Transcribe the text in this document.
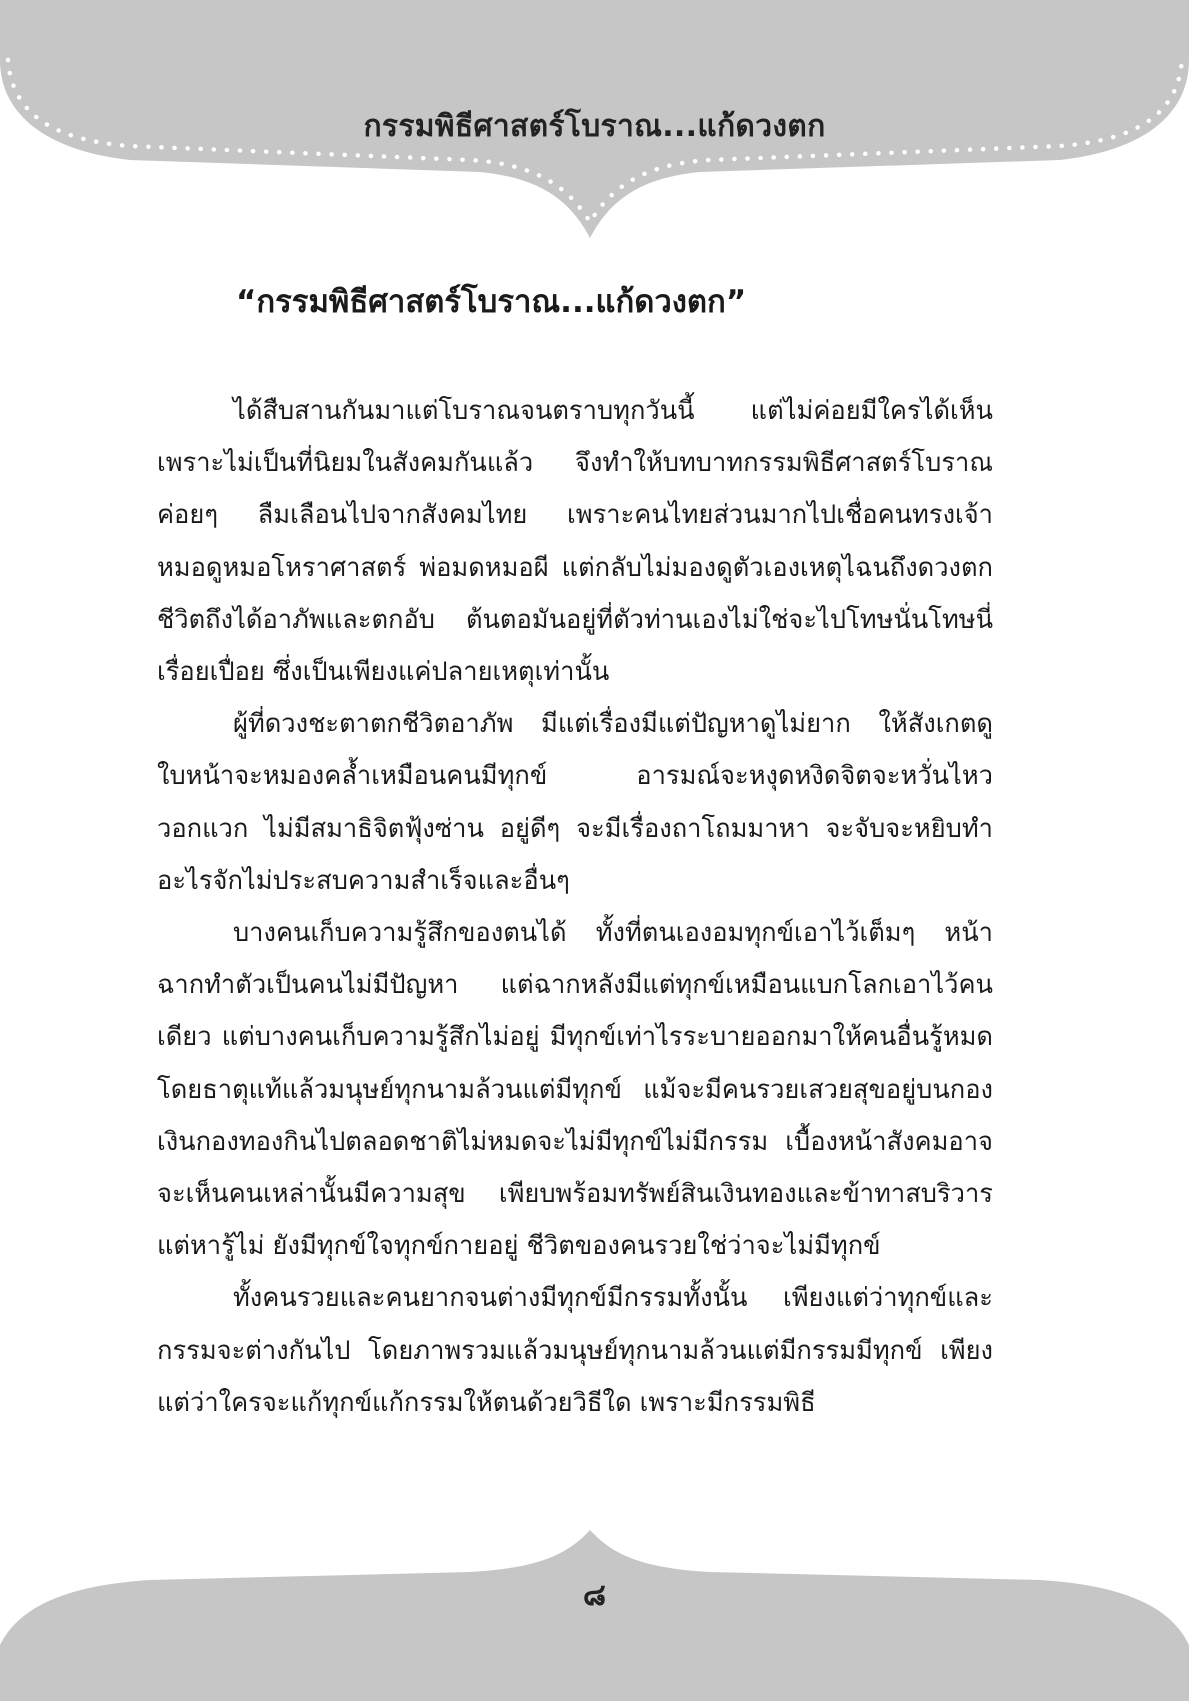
กรรมพิธีศาสตร์โบราณ...แก้ดวงตก
“กรรมพิธีศาสตร์โบราณ...แก้ดวงตก”

ได้สืบสานกันมาแต่โบราณจนตราบทุกวันนี้ แต่ไม่ค่อยมีใครได้เห็น เพราะไม่เป็นที่นิยมในสังคมกันแล้ว จึงทำให้บทบาทกรรมพิธีศาสตร์โบราณค่อยๆ ลืมเลือนไปจากสังคมไทย เพราะคนไทยส่วนมากไปเชื่อคนทรงเจ้า หมอดูหมอโหราศาสตร์ พ่อมดหมอผี แต่กลับไม่มองดูตัวเองเหตุไฉนถึงดวงตก ชีวิตถึงได้อาภัพและตกอับ ต้นตอมันอยู่ที่ตัวท่านเองไม่ใช่จะไปโทษนั่นโทษนี่เรื่อยเปื่อย ซึ่งเป็นเพียงแค่ปลายเหตุเท่านั้น

ผู้ที่ดวงชะตาตกชีวิตอาภัพ มีแต่เรื่องมีแต่ปัญหาดูไม่ยาก ให้สังเกตดูใบหน้าจะหมองคล้ำเหมือนคนมีทุกข์ อารมณ์จะหงุดหงิดจิตจะหวั่นไหววอกแวก ไม่มีสมาธิจิตฟุ้งซ่าน อยู่ดีๆ จะมีเรื่องถาโถมมาหา จะจับจะหยิบทำอะไรจักไม่ประสบความสำเร็จและอื่นๆ

บางคนเก็บความรู้สึกของตนได้ ทั้งที่ตนเองอมทุกข์เอาไว้เต็มๆ หน้าฉากทำตัวเป็นคนไม่มีปัญหา แต่ฉากหลังมีแต่ทุกข์เหมือนแบกโลกเอาไว้คนเดียว แต่บางคนเก็บความรู้สึกไม่อยู่ มีทุกข์เท่าไรระบายออกมาให้คนอื่นรู้หมด โดยธาตุแท้แล้วมนุษย์ทุกนามล้วนแต่มีทุกข์ แม้จะมีคนรวยเสวยสุขอยู่บนกองเงินกองทองกินไปตลอดชาติไม่หมดจะไม่มีทุกข์ไม่มีกรรม เบื้องหน้าสังคมอาจจะเห็นคนเหล่านั้นมีความสุข เพียบพร้อมทรัพย์สินเงินทองและข้าทาสบริวาร แต่หารู้ไม่ ยังมีทุกข์ใจทุกข์กายอยู่ ชีวิตของคนรวยใช่ว่าจะไม่มีทุกข์

ทั้งคนรวยและคนยากจนต่างมีทุกข์มีกรรมทั้งนั้น เพียงแต่ว่าทุกข์และกรรมจะต่างกันไป โดยภาพรวมแล้วมนุษย์ทุกนามล้วนแต่มีกรรมมีทุกข์ เพียงแต่ว่าใครจะแก้ทุกข์แก้กรรมให้ตนด้วยวิธีใด เพราะมีกรรมพิธี

๘
